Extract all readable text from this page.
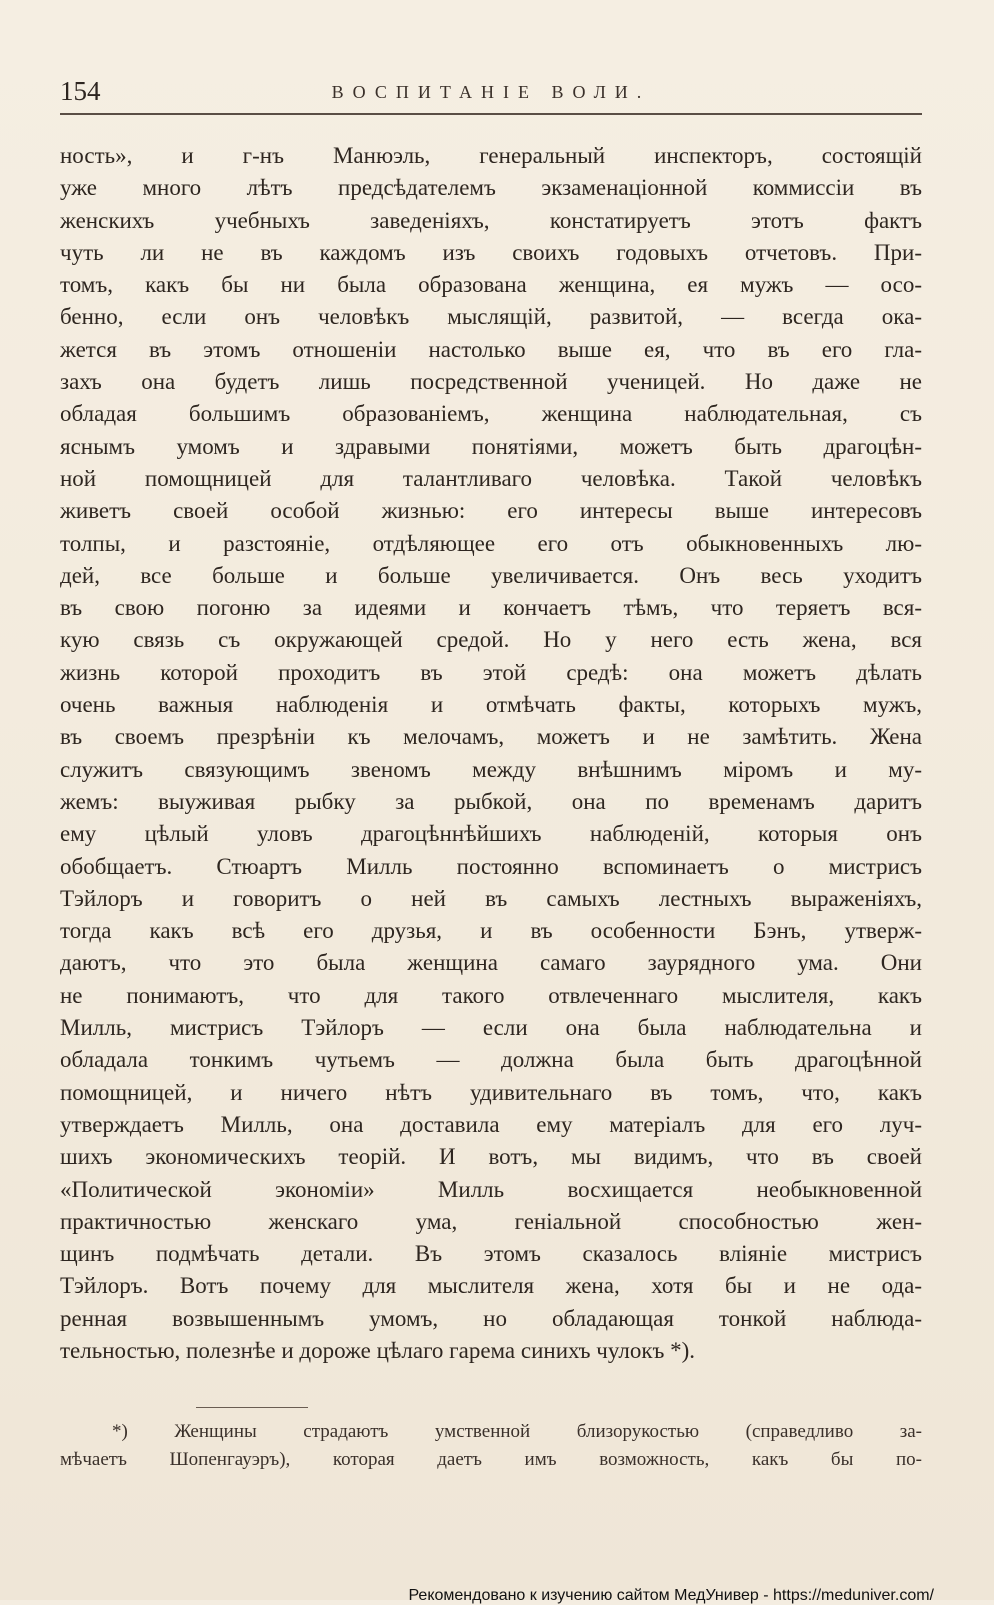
154	ВОСПИТАНІЕ ВОЛИ.
ность», и г-нъ Манюэль, генеральный инспекторъ, состоящій
уже много лѣтъ предсѣдателемъ экзаменаціонной коммиссіи въ
женскихъ учебныхъ заведеніяхъ, констатируетъ этотъ фактъ
чуть ли не въ каждомъ изъ своихъ годовыхъ отчетовъ. При-
томъ, какъ бы ни была образована женщина, ея мужъ — осо-
бенно, если онъ человѣкъ мыслящій, развитой, — всегда ока-
жется въ этомъ отношеніи настолько выше ея, что въ его гла-
захъ она будетъ лишь посредственной ученицей. Но даже не
обладая большимъ образованіемъ, женщина наблюдательная, съ
яснымъ умомъ и здравыми понятіями, можетъ быть драгоцѣн-
ной помощницей для талантливаго человѣка. Такой человѣкъ
живетъ своей особой жизнью: его интересы выше интересовъ
толпы, и разстояніе, отдѣляющее его отъ обыкновенныхъ лю-
дей, все больше и больше увеличивается. Онъ весь уходитъ
въ свою погоню за идеями и кончаетъ тѣмъ, что теряетъ вся-
кую связь съ окружающей средой. Но у него есть жена, вся
жизнь которой проходитъ въ этой средѣ: она можетъ дѣлать
очень важныя наблюденія и отмѣчать факты, которыхъ мужъ,
въ своемъ презрѣніи къ мелочамъ, можетъ и не замѣтить. Жена
служитъ связующимъ звеномъ между внѣшнимъ міромъ и му-
жемъ: выуживая рыбку за рыбкой, она по временамъ даритъ
ему цѣлый уловъ драгоцѣннѣйшихъ наблюденій, которыя онъ
обобщаетъ. Стюартъ Милль постоянно вспоминаетъ о мистрисъ
Тэйлоръ и говоритъ о ней въ самыхъ лестныхъ выраженіяхъ,
тогда какъ всѣ его друзья, и въ особенности Бэнъ, утверж-
даютъ, что это была женщина самаго заурядного ума. Они
не понимаютъ, что для такого отвлеченнаго мыслителя, какъ
Милль, мистрисъ Тэйлоръ — если она была наблюдательна и
обладала тонкимъ чутьемъ — должна была быть драгоцѣнной
помощницей, и ничего нѣтъ удивительнаго въ томъ, что, какъ
утверждаетъ Милль, она доставила ему матеріалъ для его луч-
шихъ экономическихъ теорій. И вотъ, мы видимъ, что въ своей
«Политической экономіи» Милль восхищается необыкновенной
практичностью женскаго ума, геніальной способностью жен-
щинъ подмѣчать детали. Въ этомъ сказалось вліяніе мистрисъ
Тэйлоръ. Вотъ почему для мыслителя жена, хотя бы и не ода-
ренная возвышеннымъ умомъ, но обладающая тонкой наблюда-
тельностью, полезнѣе и дороже цѣлаго гарема синихъ чулокъ *).
*) Женщины страдаютъ умственной близорукостью (справедливо за-
мѣчаетъ Шопенгауэръ), которая даетъ имъ возможность, какъ бы по-
Рекомендовано к изучению сайтом МедУнивер - https://meduniver.com/
